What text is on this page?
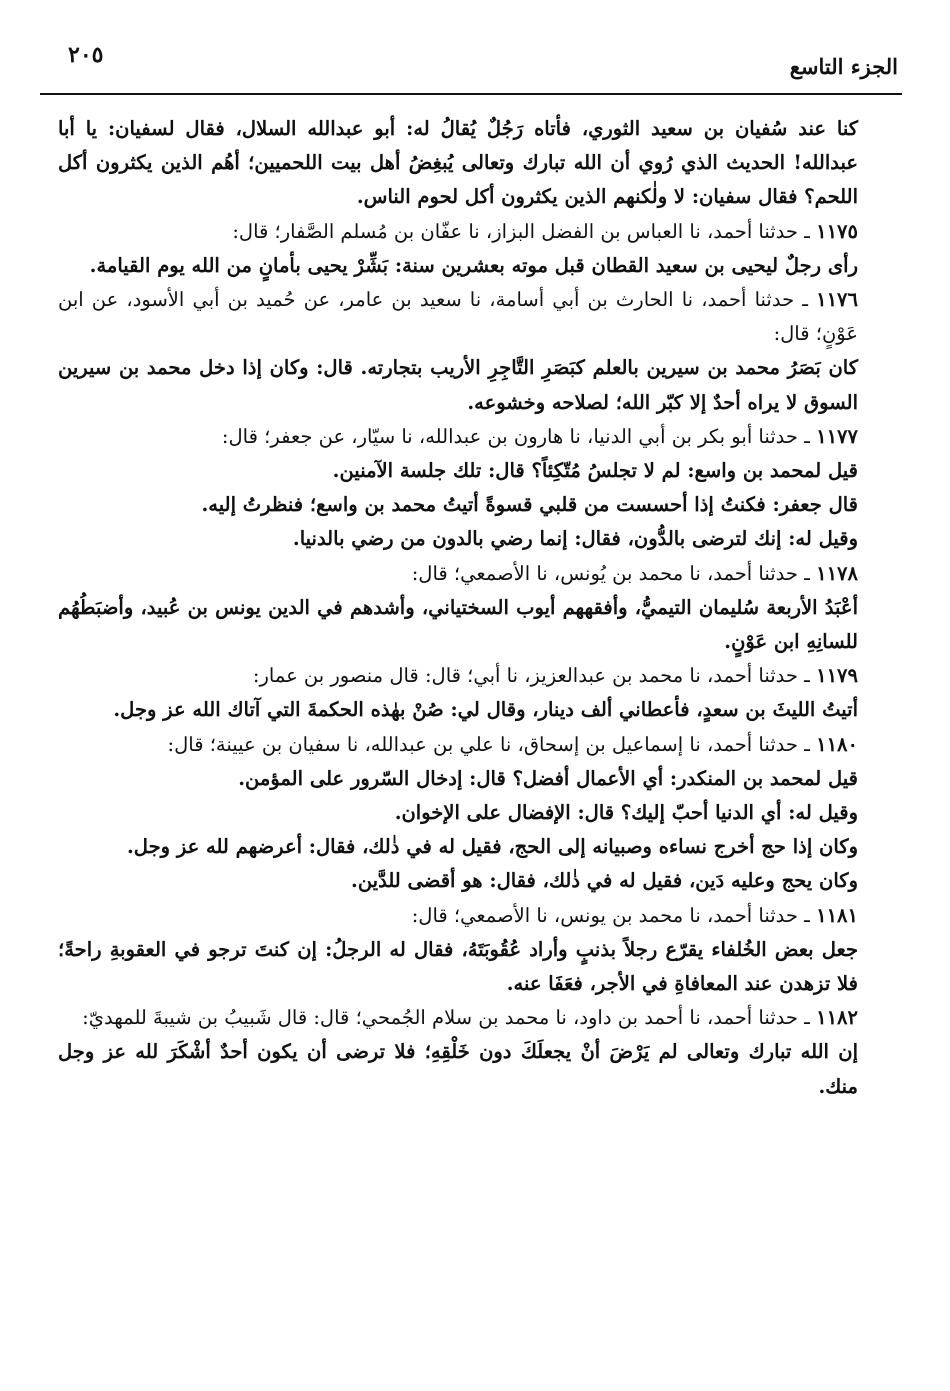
الجزء التاسع
٢٠٥

كنا عند سُفيان بن سعيد الثوري، فأتاه رَجُلٌ يُقالُ له: أبو عبدالله السلال، فقال لسفيان: يا أبا عبدالله! الحديث الذي رُوي أن الله تبارك وتعالى يُبغِضُ أهل بيت اللحميين؛ أهُم الذين يكثرون أكل اللحم؟ فقال سفيان: لا ولٰكنهم الذين يكثرون أكل لحوم الناس.

١١٧٥ ـ حدثنا أحمد، نا العباس بن الفضل البزاز، نا عفّان بن مُسلم الصَّفار؛ قال:

رأى رجلٌ ليحيى بن سعيد القطان قبل موته بعشرين سنة: بَشِّرْ يحيى بأمانٍ من الله يوم القيامة.

١١٧٦ ـ حدثنا أحمد، نا الحارث بن أبي أسامة، نا سعيد بن عامر، عن حُميد بن أبي الأسود، عن ابن عَوْنٍ؛ قال:

كان بَصَرُ محمد بن سيرين بالعلم كبَصَرِ التَّاجِرِ الأريب بتجارته. قال: وكان إذا دخل محمد بن سيرين السوق لا يراه أحدٌ إلا كبّر الله؛ لصلاحه وخشوعه.

١١٧٧ ـ حدثنا أبو بكر بن أبي الدنيا، نا هارون بن عبدالله، نا سيّار، عن جعفر؛ قال:

قيل لمحمد بن واسع: لم لا تجلسُ مُتّكِئاً؟ قال: تلك جلسة الآمنين.

قال جعفر: فكنتُ إذا أحسست من قلبي قسوةً أتيتُ محمد بن واسع؛ فنظرتُ إليه.

وقيل له: إنك لترضى بالدُّون، فقال: إنما رضي بالدون من رضي بالدنيا.

١١٧٨ ـ حدثنا أحمد، نا محمد بن يُونس، نا الأصمعي؛ قال:

أعْبَدُ الأربعة سُليمان التيميُّ، وأفقههم أيوب السختياني، وأشدهم في الدين يونس بن عُبيد، وأضبَطُهُم للسانِهِ ابن عَوْنٍ.

١١٧٩ ـ حدثنا أحمد، نا محمد بن عبدالعزيز، نا أبي؛ قال: قال منصور بن عمار:

أتيتُ الليثَ بن سعدٍ، فأعطاني ألف دينار، وقال لي: صُنْ بهٰذه الحكمةَ التي آتاك الله عز وجل.

١١٨٠ ـ حدثنا أحمد، نا إسماعيل بن إسحاق، نا علي بن عبدالله، نا سفيان بن عيينة؛ قال:

قيل لمحمد بن المنكدر: أي الأعمال أفضل؟ قال: إدخال السّرور على المؤمن.

وقيل له: أي الدنيا أحبّ إليك؟ قال: الإفضال على الإخوان.

وكان إذا حج أخرج نساءه وصبيانه إلى الحج، فقيل له في ذٰلك، فقال: أعرضهم لله عز وجل.

وكان يحج وعليه دَين، فقيل له في ذٰلك، فقال: هو أقضى للدَّين.

١١٨١ ـ حدثنا أحمد، نا محمد بن يونس، نا الأصمعي؛ قال:

جعل بعض الخُلفاء يقرّع رجلاً بذنبٍ وأراد عُقُوبَتَهُ، فقال له الرجلُ: إن كنتَ ترجو في العقوبةِ راحةً؛ فلا تزهدن عند المعافاةِ في الأجر، فعَفَا عنه.

١١٨٢ ـ حدثنا أحمد، نا أحمد بن داود، نا محمد بن سلام الجُمحي؛ قال: قال شَبيبُ بن شيبةَ للمهديّ:

إن الله تبارك وتعالى لم يَرْضَ أنْ يجعلَكَ دون خَلْقِهِ؛ فلا ترضى أن يكون أحدٌ أشْكَرَ لله عز وجل منك.
